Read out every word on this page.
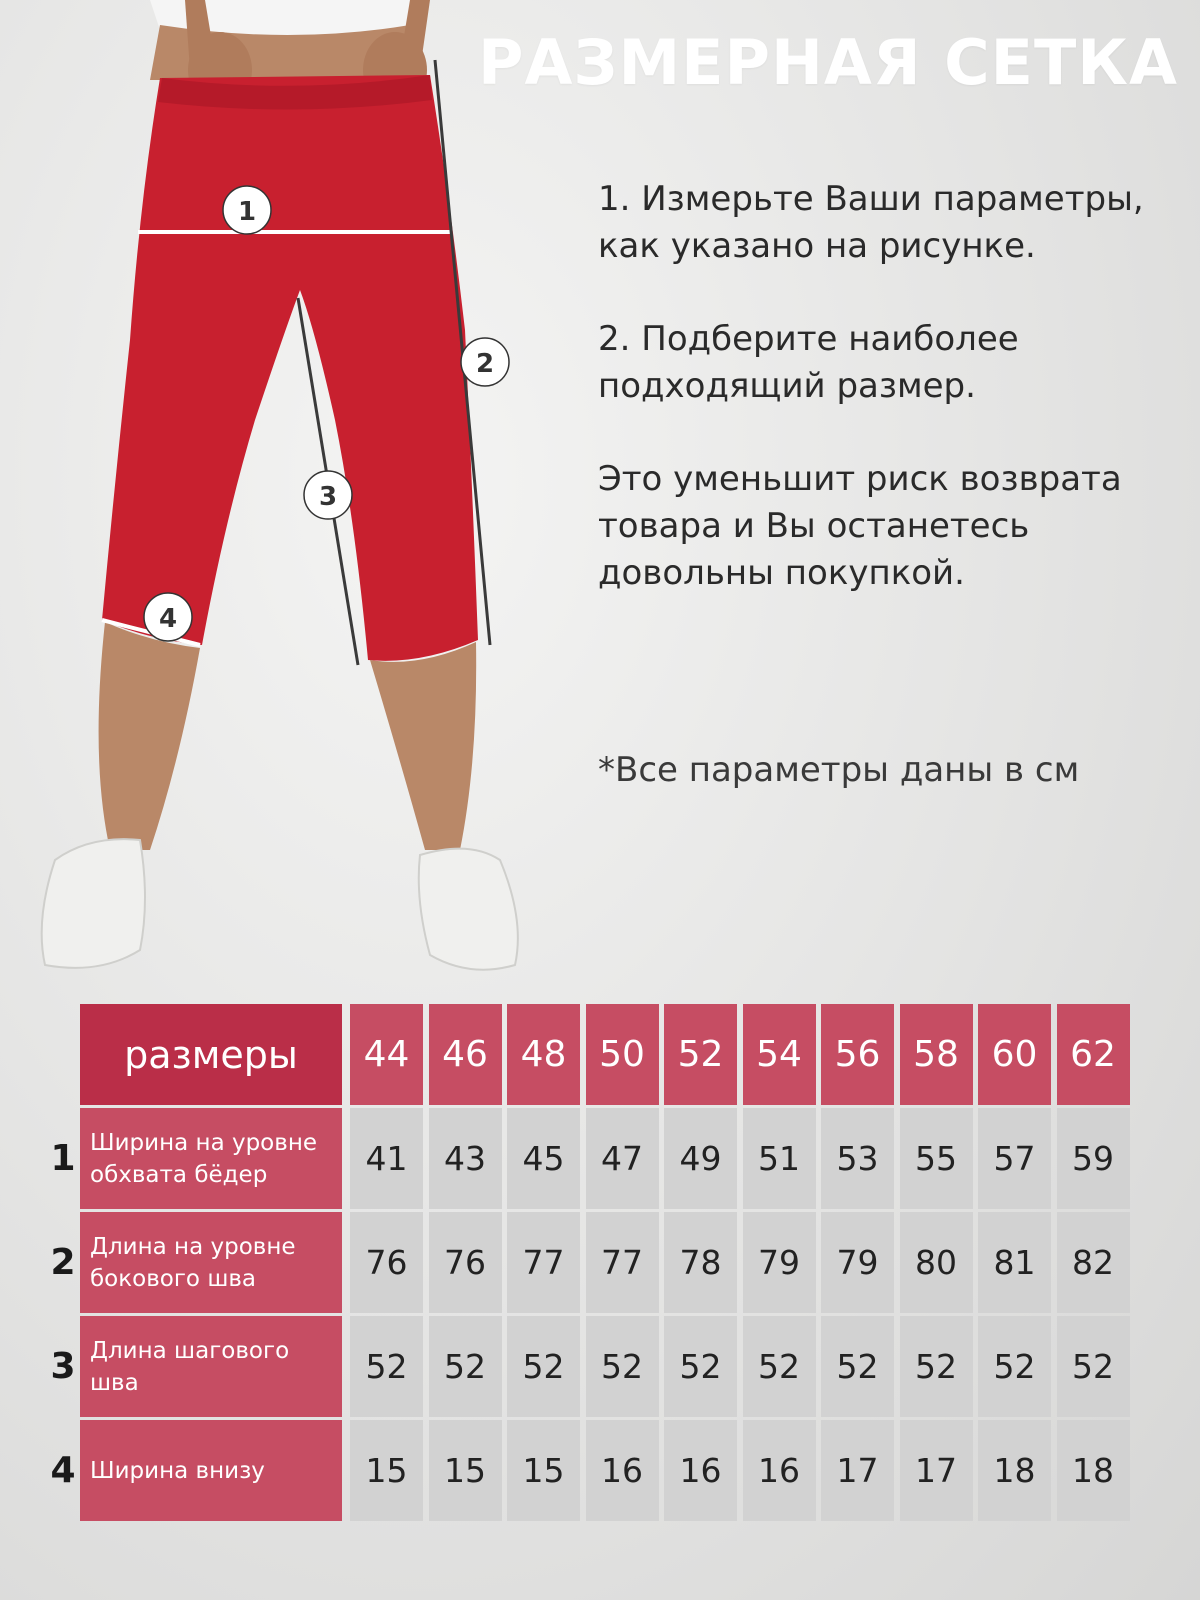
1
2
3
4
РАЗМЕРНАЯ СЕТКА

1. Измерьте Ваши параметры, как указано на рисунке.

2. Подберите наиболее подходящий размер.

Это уменьшит риск возврата товара и Вы останетесь довольны покупкой.

*Все параметры даны в см
размеры	44 46 48 50 52 54 56 58 60 62
1 Ширина на уровне обхвата бёдер	41	43	45	47	49	51	53	55	57	59
2 Длина на уровне бокового шва	76	76	77	77	78	79	79	80	81	82
3 Длина шагового шва	52	52	52	52	52	52	52	52	52	52
4 Ширина внизу	15	15	15	16	16	16	17	17	18	18
